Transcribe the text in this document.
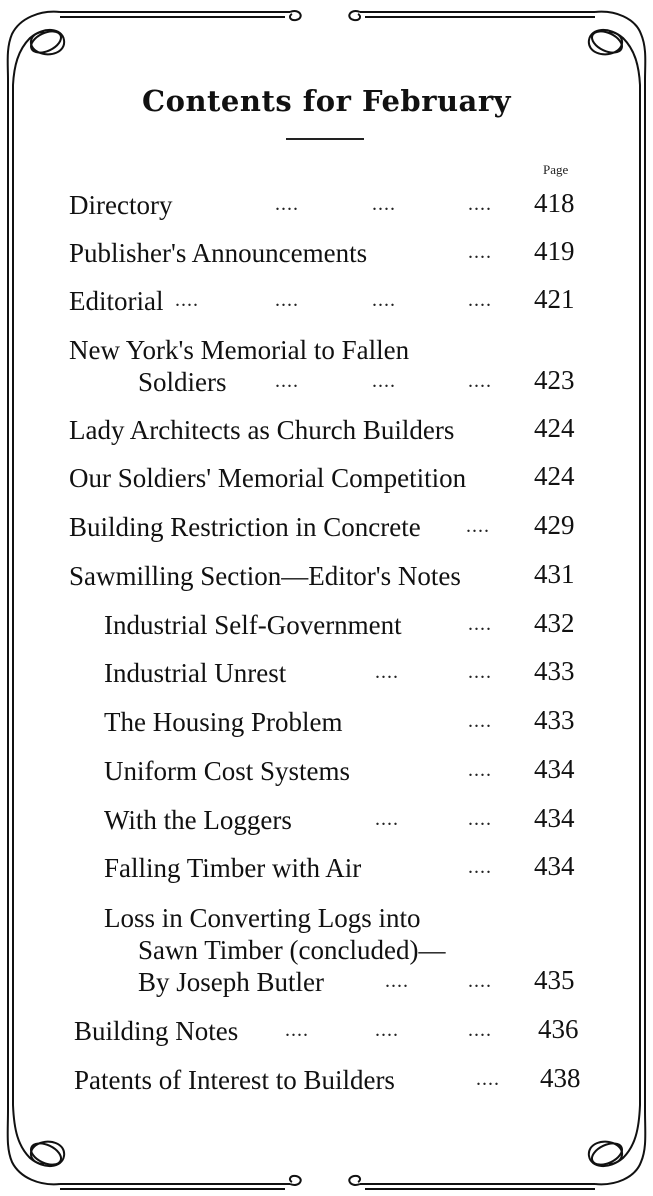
Contents for February
Page
Directory	....	....	.... 418
Publisher's Announcements	.... 419
Editorial ....	....	....	.... 421
New York's Memorial to Fallen
Soldiers ....	....	.... 423
Lady Architects as Church Builders	424
Our Soldiers' Memorial Competition	424
Building Restriction in Concrete .... 429
Sawmilling Section—Editor's Notes	431
Industrial Self-Government	.... 432
Industrial Unrest	....	.... 433
The Housing Problem	.... 433
Uniform Cost Systems	.... 434
With the Loggers	....	.... 434
Falling Timber with Air	.... 434
Loss in Converting Logs into
Sawn Timber (concluded)—
By Joseph Butler	....	.... 435
Building Notes ....	....	.... 436
Patents of Interest to Builders	.... 438
